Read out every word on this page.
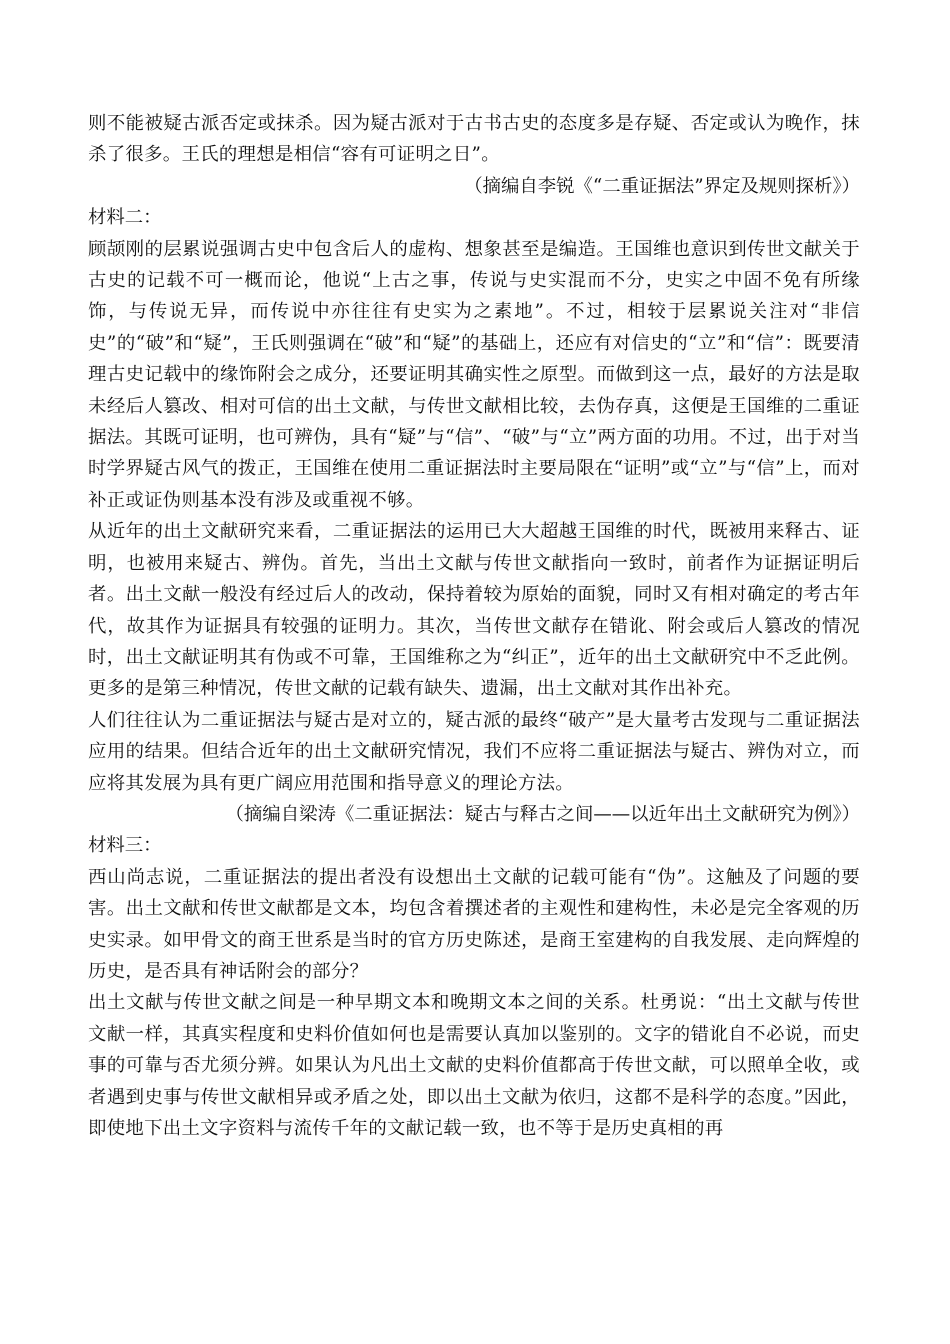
则不能被疑古派否定或抹杀。因为疑古派对于古书古史的态度多是存疑、否定或认为晚作，抹杀了很多。王氏的理想是相信“容有可证明之日”。

（摘编自李锐《“二重证据法”界定及规则探析》）

材料二：

顾颉刚的层累说强调古史中包含后人的虚构、想象甚至是编造。王国维也意识到传世文献关于古史的记载不可一概而论，他说“上古之事，传说与史实混而不分，史实之中固不免有所缘饰，与传说无异，而传说中亦往往有史实为之素地”。不过，相较于层累说关注对“非信史”的“破”和“疑”，王氏则强调在“破”和“疑”的基础上，还应有对信史的“立”和“信”：既要清理古史记载中的缘饰附会之成分，还要证明其确实性之原型。而做到这一点，最好的方法是取未经后人篡改、相对可信的出土文献，与传世文献相比较，去伪存真，这便是王国维的二重证据法。其既可证明，也可辨伪，具有“疑”与“信”、“破”与“立”两方面的功用。不过，出于对当时学界疑古风气的拨正，王国维在使用二重证据法时主要局限在“证明”或“立”与“信”上，而对补正或证伪则基本没有涉及或重视不够。

从近年的出土文献研究来看，二重证据法的运用已大大超越王国维的时代，既被用来释古、证明，也被用来疑古、辨伪。首先，当出土文献与传世文献指向一致时，前者作为证据证明后者。出土文献一般没有经过后人的改动，保持着较为原始的面貌，同时又有相对确定的考古年代，故其作为证据具有较强的证明力。其次，当传世文献存在错讹、附会或后人篡改的情况时，出土文献证明其有伪或不可靠，王国维称之为“纠正”，近年的出土文献研究中不乏此例。更多的是第三种情况，传世文献的记载有缺失、遗漏，出土文献对其作出补充。

人们往往认为二重证据法与疑古是对立的，疑古派的最终“破产”是大量考古发现与二重证据法应用的结果。但结合近年的出土文献研究情况，我们不应将二重证据法与疑古、辨伪对立，而应将其发展为具有更广阔应用范围和指导意义的理论方法。

（摘编自梁涛《二重证据法：疑古与释古之间——以近年出土文献研究为例》）

材料三：

西山尚志说，二重证据法的提出者没有设想出土文献的记载可能有“伪”。这触及了问题的要害。出土文献和传世文献都是文本，均包含着撰述者的主观性和建构性，未必是完全客观的历史实录。如甲骨文的商王世系是当时的官方历史陈述，是商王室建构的自我发展、走向辉煌的历史，是否具有神话附会的部分？

出土文献与传世文献之间是一种早期文本和晚期文本之间的关系。杜勇说：“出土文献与传世文献一样，其真实程度和史料价值如何也是需要认真加以鉴别的。文字的错讹自不必说，而史事的可靠与否尤须分辨。如果认为凡出土文献的史料价值都高于传世文献，可以照单全收，或者遇到史事与传世文献相异或矛盾之处，即以出土文献为依归，这都不是科学的态度。”因此，即使地下出土文字资料与流传千年的文献记载一致，也不等于是历史真相的再
